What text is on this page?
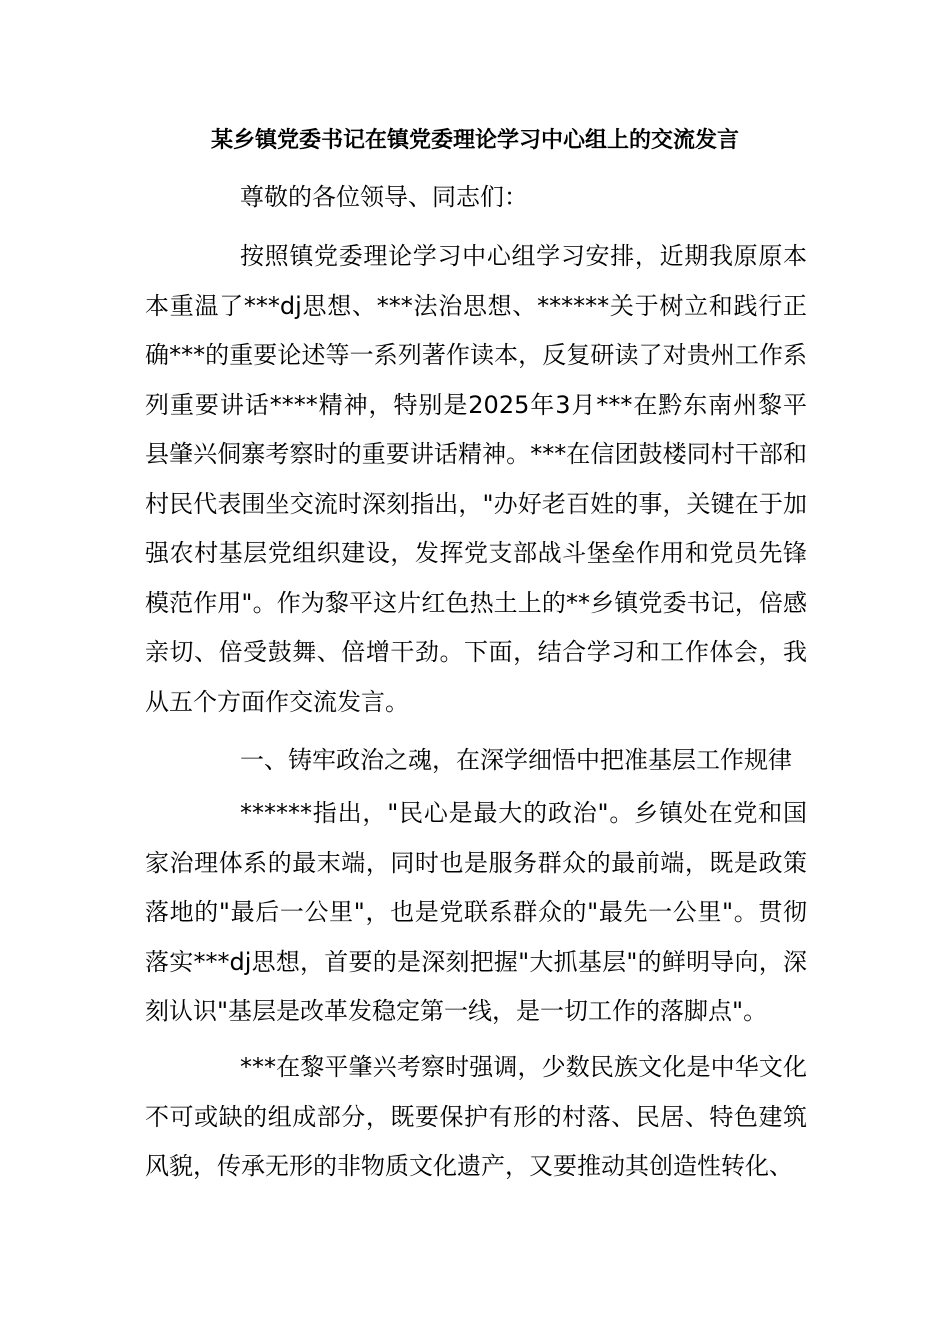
某乡镇党委书记在镇党委理论学习中心组上的交流发言
尊敬的各位领导、同志们：

按照镇党委理论学习中心组学习安排，近期我原原本本重温了***dj思想、***法治思想、******关于树立和践行正确***的重要论述等一系列著作读本，反复研读了对贵州工作系列重要讲话****精神，特别是2025年3月***在黔东南州黎平县肇兴侗寨考察时的重要讲话精神。***在信团鼓楼同村干部和村民代表围坐交流时深刻指出，"办好老百姓的事，关键在于加强农村基层党组织建设，发挥党支部战斗堡垒作用和党员先锋模范作用"。作为黎平这片红色热土上的**乡镇党委书记，倍感亲切、倍受鼓舞、倍增干劲。下面，结合学习和工作体会，我从五个方面作交流发言。

一、铸牢政治之魂，在深学细悟中把准基层工作规律

******指出，"民心是最大的政治"。乡镇处在党和国家治理体系的最末端，同时也是服务群众的最前端，既是政策落地的"最后一公里"，也是党联系群众的"最先一公里"。贯彻落实***dj思想，首要的是深刻把握"大抓基层"的鲜明导向，深刻认识"基层是改革发稳定第一线，是一切工作的落脚点"。

***在黎平肇兴考察时强调，少数民族文化是中华文化不可或缺的组成部分，既要保护有形的村落、民居、特色建筑风貌，传承无形的非物质文化遗产，又要推动其创造性转化、
